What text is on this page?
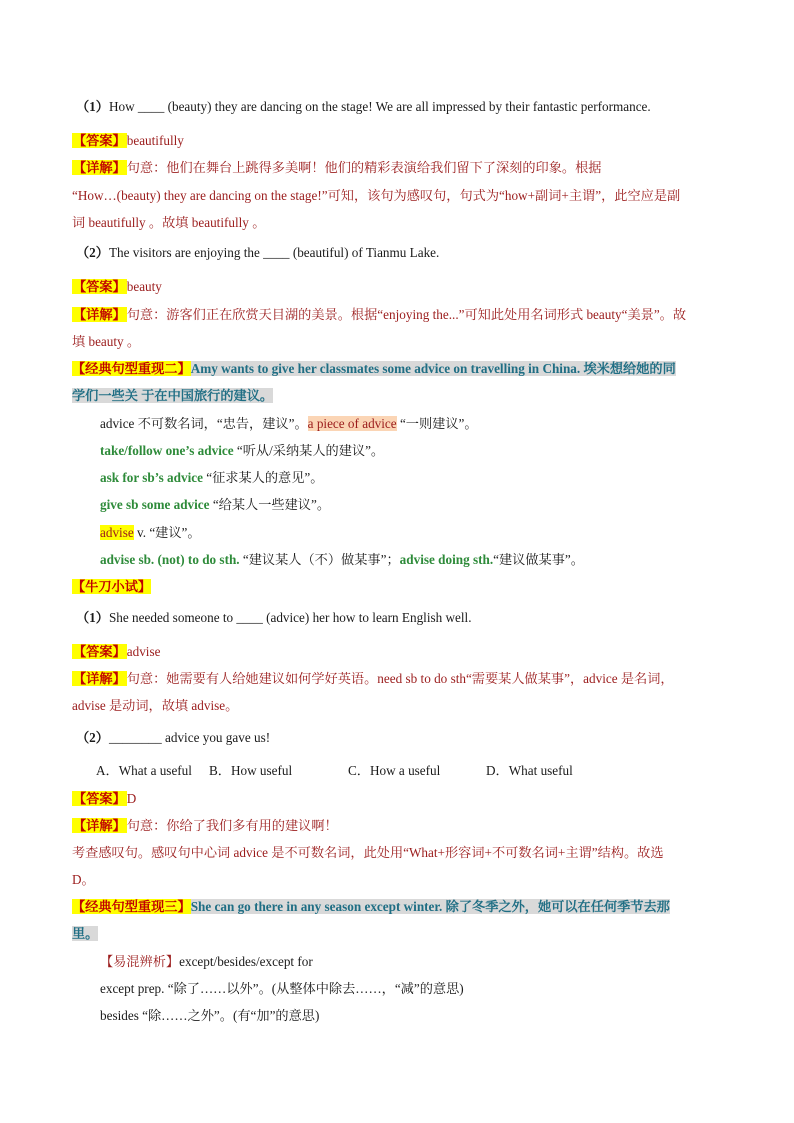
（1）How ____ (beauty) they are dancing on the stage! We are all impressed by their fantastic performance.
【答案】beautifully
【详解】句意：他们在舞台上跳得多美啊！他们的精彩表演给我们留下了深刻的印象。根据
“How…(beauty) they are dancing on the stage!”可知，该句为感叹句，句式为“how+副词+主谓”，此空应是副
词 beautifully 。故填 beautifully 。
（2）The visitors are enjoying the ____ (beautiful) of Tianmu Lake.
【答案】beauty
【详解】句意：游客们正在欣赏天目湖的美景。根据“enjoying the...”可知此处用名词形式 beauty“美景”。故
填 beauty 。
【经典句型重现二】Amy wants to give her classmates some advice on travelling in China. 埃米想给她的同
学们一些关 于在中国旅行的建议。
advice 不可数名词，“忠告，建议”。a piece of advice “一则建议”。
take/follow one’s advice “听从/采纳某人的建议”。
ask for sb’s advice “征求某人的意见”。
give sb some advice “给某人一些建议”。
advise v. “建议”。
advise sb. (not) to do sth. “建议某人（不）做某事”；advise doing sth.“建议做某事”。
【牛刀小试】
（1）She needed someone to ____ (advice) her how to learn English well.
【答案】advise
【详解】句意：她需要有人给她建议如何学好英语。need sb to do sth“需要某人做某事”，advice 是名词，
advise 是动词，故填 advise。
（2）________ advice you gave us!
A．What a useful B．How useful	C．How a useful	D．What useful
【答案】D
【详解】句意：你给了我们多有用的建议啊！
考查感叹句。感叹句中心词 advice 是不可数名词，此处用“What+形容词+不可数名词+主谓”结构。故选
D。
【经典句型重现三】She can go there in any season except winter. 除了冬季之外，她可以在任何季节去那
里。
【易混辨析】except/besides/except for
except prep. “除了……以外”。(从整体中除去……，“减”的意思)
besides “除……之外”。(有“加”的意思)
